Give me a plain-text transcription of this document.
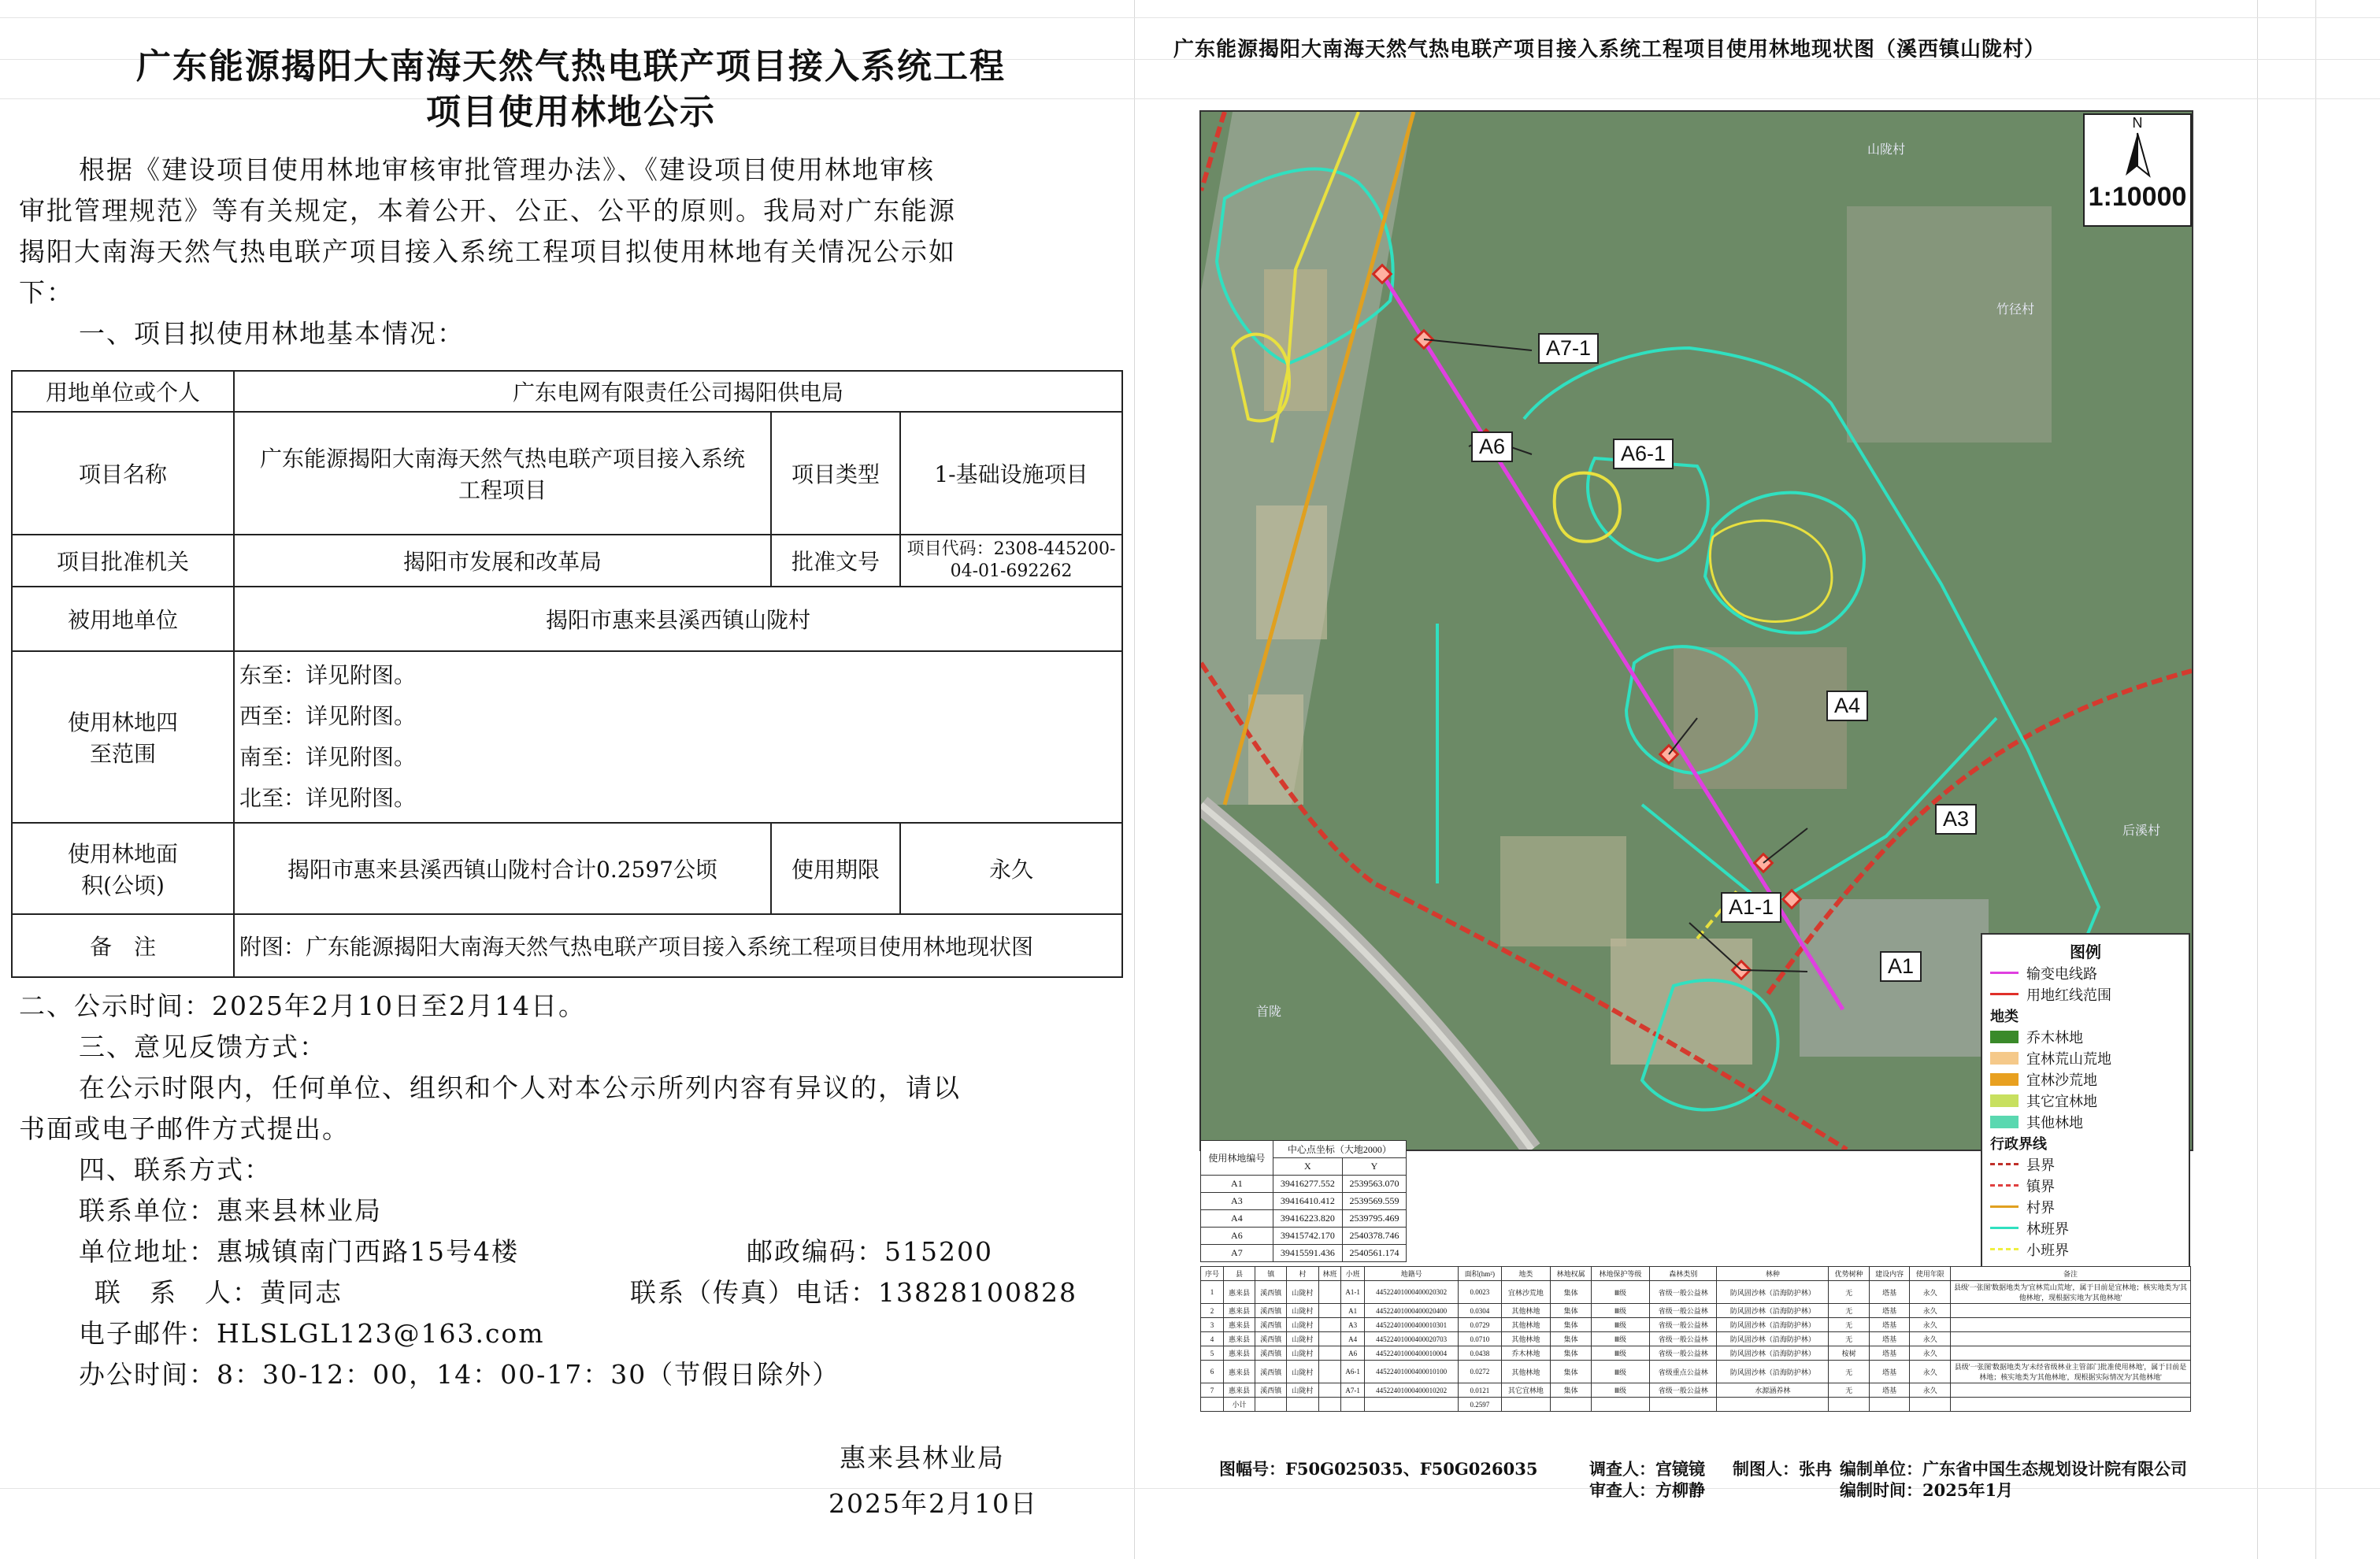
广东能源揭阳大南海天然气热电联产项目接入系统工程
项目使用林地公示
根据《建设项目使用林地审核审批管理办法》、《建设项目使用林地审核
审批管理规范》等有关规定，本着公开、公正、公平的原则。我局对广东能源
揭阳大南海天然气热电联产项目接入系统工程项目拟使用林地有关情况公示如
下：
一、项目拟使用林地基本情况：
用地单位或个人	广东电网有限责任公司揭阳供电局		
项目名称	广东能源揭阳大南海天然气热电联产项目接入系统工程项目	项目类型	1-基础设施项目
项目批准机关	揭阳市发展和改革局	批准文号	项目代码：2308-445200-04-01-692262
被用地单位	揭阳市惠来县溪西镇山陇村		
使用林地四至范围	东至：详见附图。
西至：详见附图。
南至：详见附图。
北至：详见附图。		

使用林地面积(公顷)	揭阳市惠来县溪西镇山陇村合计0.2597公顷	使用期限	永久
备　注	附图：广东能源揭阳大南海天然气热电联产项目接入系统工程项目使用林地现状图		
二、公示时间：2025年2月10日至2月14日。
三、意见反馈方式：
在公示时限内，任何单位、组织和个人对本公示所列内容有异议的，请以
书面或电子邮件方式提出。
四、联系方式：
联系单位：惠来县林业局
单位地址：惠城镇南门西路15号4楼	邮政编码：515200
联　系　人：黄同志	联系（传真）电话：13828100828
电子邮件：HLSLGL123@163.com
办公时间：8：30-12：00，14：00-17：30（节假日除外）
惠来县林业局
2025年2月10日
广东能源揭阳大南海天然气热电联产项目接入系统工程项目使用林地现状图（溪西镇山陇村）
山陇村
竹径村
后溪村
首陇
N
1:10000
A7-1
A6	A6-1
A4
A3
A1-1
A1
图例
输变电线路
用地红线范围
地类
乔木林地
宜林荒山荒地
宜林沙荒地
其它宜林地
其他林地
行政界线
县界
镇界
村界
林班界
小班界
使用林地编号	中心点坐标（大地2000）	
	X	Y
A1	39416277.552	2539563.070
A3	39416410.412	2539569.559
A4	39416223.820	2539795.469
A6	39415742.170	2540378.746
A7	39415591.436	2540561.174
序号	县	镇	村	林班	小班	地籍号	面积(hm²)	地类	林地权属	林地保护等级	森林类别	林种	优势树种	建设内容	使用年限	备注
1	惠来县	溪西镇	山陇村		A1-1	44522401000400020302	0.0023	宜林沙荒地	集体	Ⅲ级	省级一般公益林	防风固沙林（沿海防护林）	无	塔基	永久	县级'一张图'数据地类为'宜林荒山荒地'，属于目前是宜林地；核实地类为'其他林地'，现根据实地为'其他林地'
2	惠来县	溪西镇	山陇村		A1	44522401000400020400	0.0304	其他林地	集体	Ⅲ级	省级一般公益林	防风固沙林（沿海防护林）	无	塔基	永久	
3	惠来县	溪西镇	山陇村		A3	44522401000400010301	0.0729	其他林地	集体	Ⅲ级	省级一般公益林	防风固沙林（沿海防护林）	无	塔基	永久	
4	惠来县	溪西镇	山陇村		A4	44522401000400020703	0.0710	其他林地	集体	Ⅲ级	省级一般公益林	防风固沙林（沿海防护林）	无	塔基	永久	
5	惠来县	溪西镇	山陇村		A6	44522401000400010004	0.0438	乔木林地	集体	Ⅲ级	省级一般公益林	防风固沙林（沿海防护林）	桉树	塔基	永久	
6	惠来县	溪西镇	山陇村		A6-1	44522401000400010100	0.0272	其他林地	集体	Ⅲ级	省级重点公益林	防风固沙林（沿海防护林）	无	塔基	永久	县级'一张图'数据地类为'未经省级林业主管部门批准使用林地'，属于目前是林地；核实地类为'其他林地'，现根据实际情况为'其他林地'
7	惠来县	溪西镇	山陇村		A7-1	44522401000400010202	0.0121	其它宜林地	集体	Ⅲ级	省级一般公益林	水源涵养林	无	塔基	永久	
	小计						0.2597									
图幅号：F50G025035、F50G026035	调查人：宫镜镜 制图人：张冉
审查人：方柳静
编制单位：广东省中国生态规划设计院有限公司
编制时间：2025年1月
